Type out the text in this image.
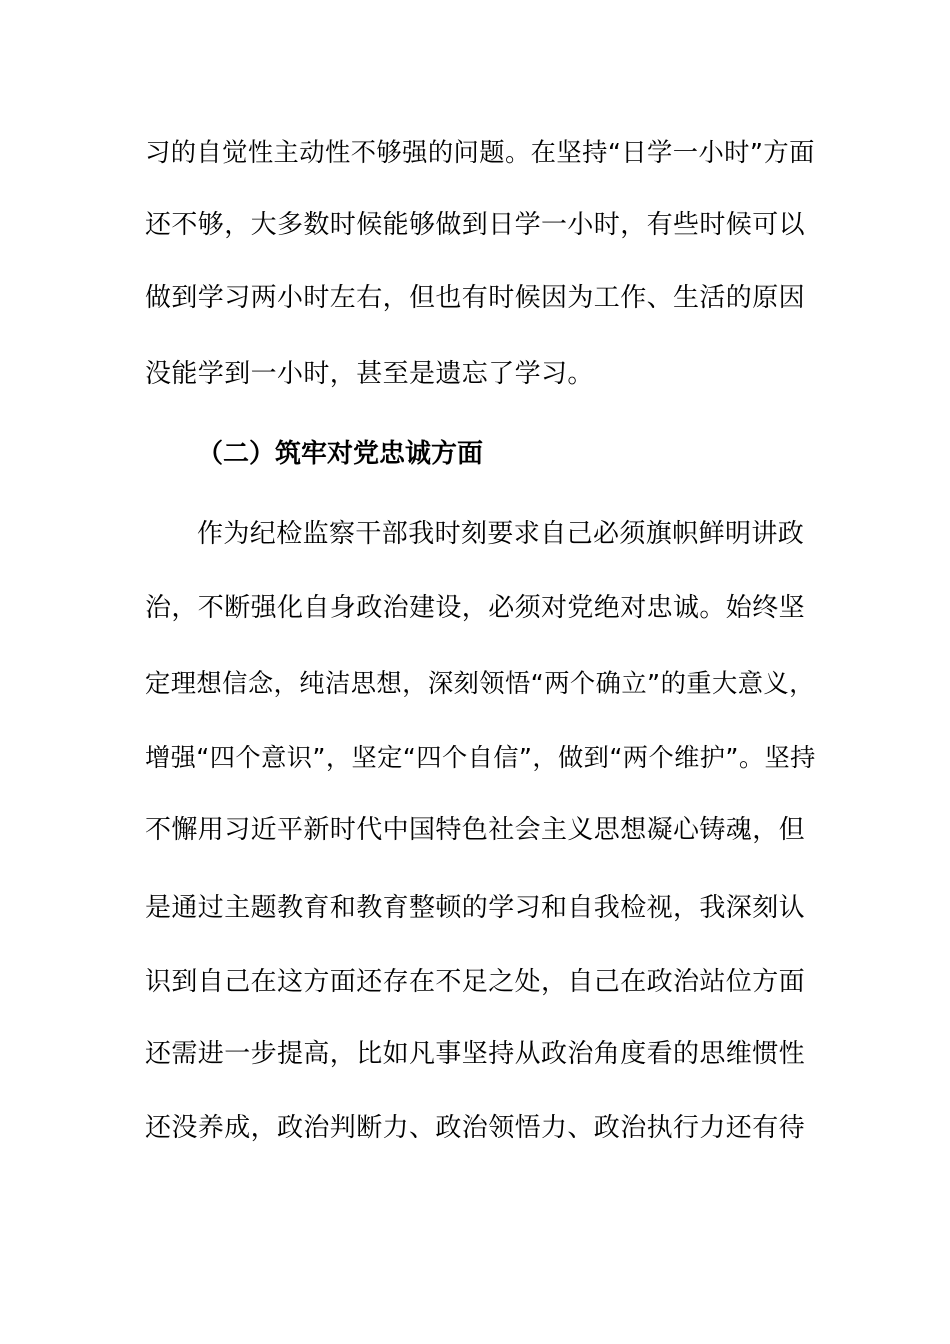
习的自觉性主动性不够强的问题。在坚持“日学一小时”方面
还不够，大多数时候能够做到日学一小时，有些时候可以
做到学习两小时左右，但也有时候因为工作、生活的原因
没能学到一小时，甚至是遗忘了学习。
（二）筑牢对党忠诚方面
作为纪检监察干部我时刻要求自己必须旗帜鲜明讲政
治，不断强化自身政治建设，必须对党绝对忠诚。始终坚
定理想信念，纯洁思想，深刻领悟“两个确立”的重大意义，
增强“四个意识”，坚定“四个自信”，做到“两个维护”。坚持
不懈用习近平新时代中国特色社会主义思想凝心铸魂，但
是通过主题教育和教育整顿的学习和自我检视，我深刻认
识到自己在这方面还存在不足之处，自己在政治站位方面
还需进一步提高，比如凡事坚持从政治角度看的思维惯性
还没养成，政治判断力、政治领悟力、政治执行力还有待
